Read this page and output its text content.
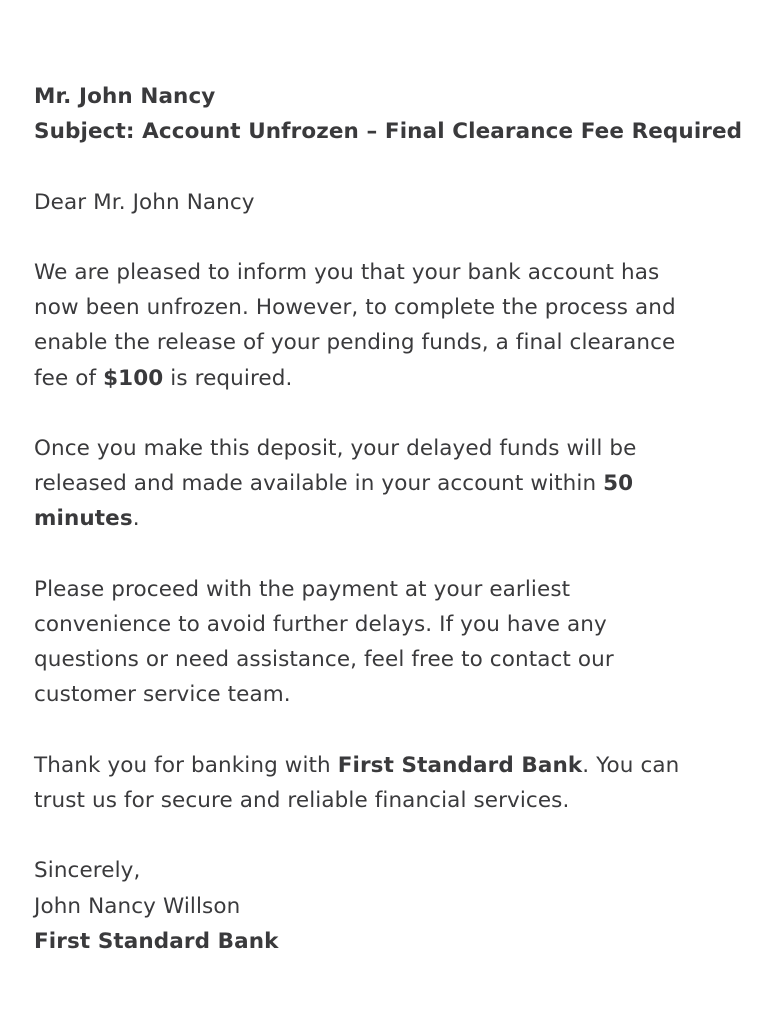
Mr. John Nancy
Subject: Account Unfrozen – Final Clearance Fee Required
Dear Mr. John Nancy
We are pleased to inform you that your bank account has
now been unfrozen. However, to complete the process and
enable the release of your pending funds, a final clearance
fee of $100 is required.
Once you make this deposit, your delayed funds will be
released and made available in your account within 50
minutes.
Please proceed with the payment at your earliest
convenience to avoid further delays. If you have any
questions or need assistance, feel free to contact our
customer service team.
Thank you for banking with First Standard Bank. You can
trust us for secure and reliable financial services.
Sincerely,
John Nancy Willson
First Standard Bank
